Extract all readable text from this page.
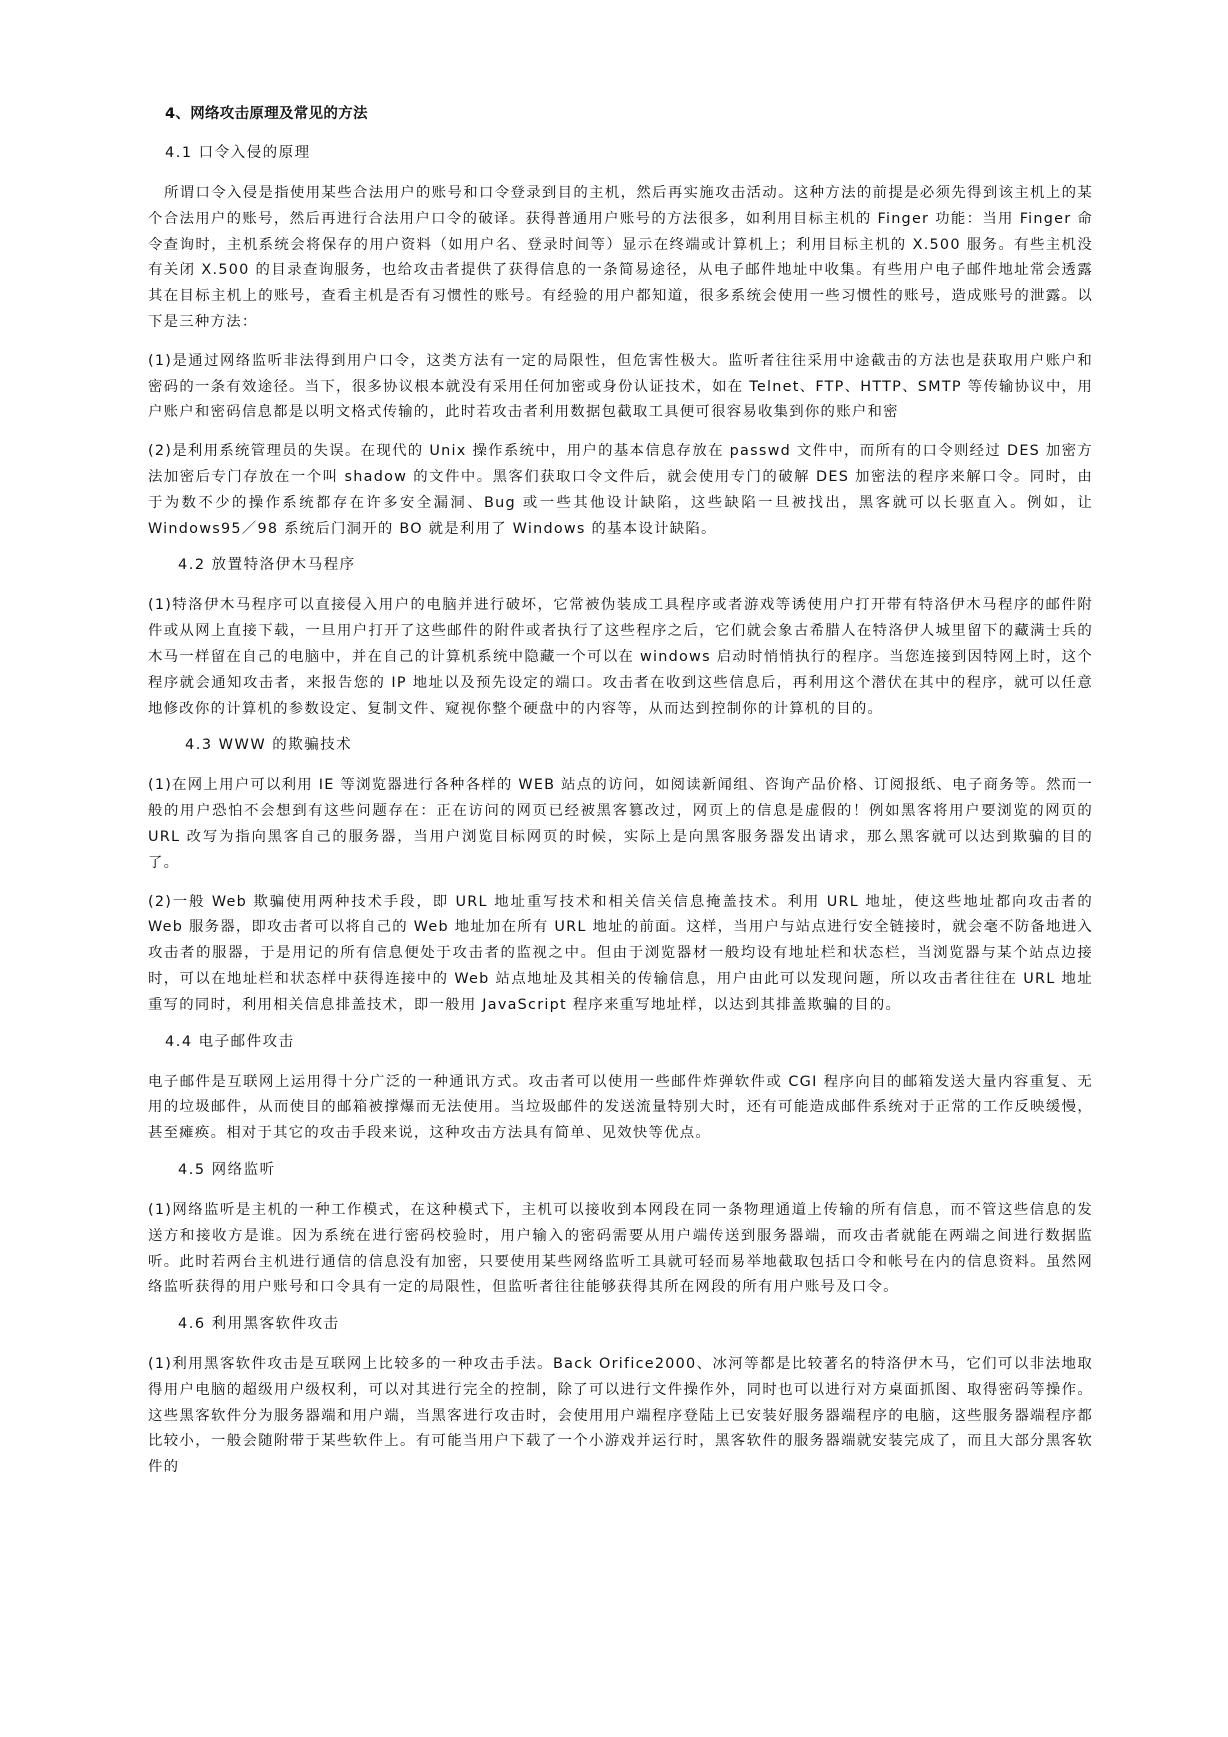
4、网络攻击原理及常见的方法
4.1 口令入侵的原理
所谓口令入侵是指使用某些合法用户的账号和口令登录到目的主机，然后再实施攻击活动。这种方法的前提是必须先得到该主机上的某个合法用户的账号，然后再进行合法用户口令的破译。获得普通用户账号的方法很多，如利用目标主机的 Finger 功能：当用 Finger 命令查询时，主机系统会将保存的用户资料（如用户名、登录时间等）显示在终端或计算机上；利用目标主机的 X.500 服务。有些主机没有关闭 X.500 的目录查询服务，也给攻击者提供了获得信息的一条简易途径，从电子邮件地址中收集。有些用户电子邮件地址常会透露其在目标主机上的账号，查看主机是否有习惯性的账号。有经验的用户都知道，很多系统会使用一些习惯性的账号，造成账号的泄露。以下是三种方法：
(1)是通过网络监听非法得到用户口令，这类方法有一定的局限性，但危害性极大。监听者往往采用中途截击的方法也是获取用户账户和密码的一条有效途径。当下，很多协议根本就没有采用任何加密或身份认证技术，如在 Telnet、FTP、HTTP、SMTP 等传输协议中，用户账户和密码信息都是以明文格式传输的，此时若攻击者利用数据包截取工具便可很容易收集到你的账户和密
(2)是利用系统管理员的失误。在现代的 Unix 操作系统中，用户的基本信息存放在 passwd 文件中，而所有的口令则经过 DES 加密方法加密后专门存放在一个叫 shadow 的文件中。黑客们获取口令文件后，就会使用专门的破解 DES 加密法的程序来解口令。同时，由于为数不少的操作系统都存在许多安全漏洞、Bug 或一些其他设计缺陷，这些缺陷一旦被找出，黑客就可以长驱直入。例如，让 Windows95／98 系统后门洞开的 BO 就是利用了 Windows 的基本设计缺陷。
4.2 放置特洛伊木马程序
(1)特洛伊木马程序可以直接侵入用户的电脑并进行破坏，它常被伪装成工具程序或者游戏等诱使用户打开带有特洛伊木马程序的邮件附件或从网上直接下载，一旦用户打开了这些邮件的附件或者执行了这些程序之后，它们就会象古希腊人在特洛伊人城里留下的藏满士兵的木马一样留在自己的电脑中，并在自己的计算机系统中隐藏一个可以在 windows 启动时悄悄执行的程序。当您连接到因特网上时，这个程序就会通知攻击者，来报告您的 IP 地址以及预先设定的端口。攻击者在收到这些信息后，再利用这个潜伏在其中的程序，就可以任意地修改你的计算机的参数设定、复制文件、窥视你整个硬盘中的内容等，从而达到控制你的计算机的目的。
4.3 WWW 的欺骗技术
(1)在网上用户可以利用 IE 等浏览器进行各种各样的 WEB 站点的访问，如阅读新闻组、咨询产品价格、订阅报纸、电子商务等。然而一般的用户恐怕不会想到有这些问题存在：正在访问的网页已经被黑客篡改过，网页上的信息是虚假的！例如黑客将用户要浏览的网页的 URL 改写为指向黑客自己的服务器，当用户浏览目标网页的时候，实际上是向黑客服务器发出请求，那么黑客就可以达到欺骗的目的了。
(2)一般 Web 欺骗使用两种技术手段，即 URL 地址重写技术和相关信关信息掩盖技术。利用 URL 地址，使这些地址都向攻击者的 Web 服务器，即攻击者可以将自己的 Web 地址加在所有 URL 地址的前面。这样，当用户与站点进行安全链接时，就会毫不防备地进入攻击者的服器，于是用记的所有信息便处于攻击者的监视之中。但由于浏览器材一般均设有地址栏和状态栏，当浏览器与某个站点边接时，可以在地址栏和状态样中获得连接中的 Web 站点地址及其相关的传输信息，用户由此可以发现问题，所以攻击者往往在 URL 地址重写的同时，利用相关信息排盖技术，即一般用 JavaScript 程序来重写地址样，以达到其排盖欺骗的目的。
4.4 电子邮件攻击
电子邮件是互联网上运用得十分广泛的一种通讯方式。攻击者可以使用一些邮件炸弹软件或 CGI 程序向目的邮箱发送大量内容重复、无用的垃圾邮件，从而使目的邮箱被撑爆而无法使用。当垃圾邮件的发送流量特别大时，还有可能造成邮件系统对于正常的工作反映缓慢，甚至瘫痪。相对于其它的攻击手段来说，这种攻击方法具有简单、见效快等优点。
4.5 网络监听
(1)网络监听是主机的一种工作模式，在这种模式下，主机可以接收到本网段在同一条物理通道上传输的所有信息，而不管这些信息的发送方和接收方是谁。因为系统在进行密码校验时，用户输入的密码需要从用户端传送到服务器端，而攻击者就能在两端之间进行数据监听。此时若两台主机进行通信的信息没有加密，只要使用某些网络监听工具就可轻而易举地截取包括口令和帐号在内的信息资料。虽然网络监听获得的用户账号和口令具有一定的局限性，但监听者往往能够获得其所在网段的所有用户账号及口令。
4.6 利用黑客软件攻击
(1)利用黑客软件攻击是互联网上比较多的一种攻击手法。Back Orifice2000、冰河等都是比较著名的特洛伊木马，它们可以非法地取得用户电脑的超级用户级权利，可以对其进行完全的控制，除了可以进行文件操作外，同时也可以进行对方桌面抓图、取得密码等操作。这些黑客软件分为服务器端和用户端，当黑客进行攻击时，会使用用户端程序登陆上已安装好服务器端程序的电脑，这些服务器端程序都比较小，一般会随附带于某些软件上。有可能当用户下载了一个小游戏并运行时，黑客软件的服务器端就安装完成了，而且大部分黑客软件的
